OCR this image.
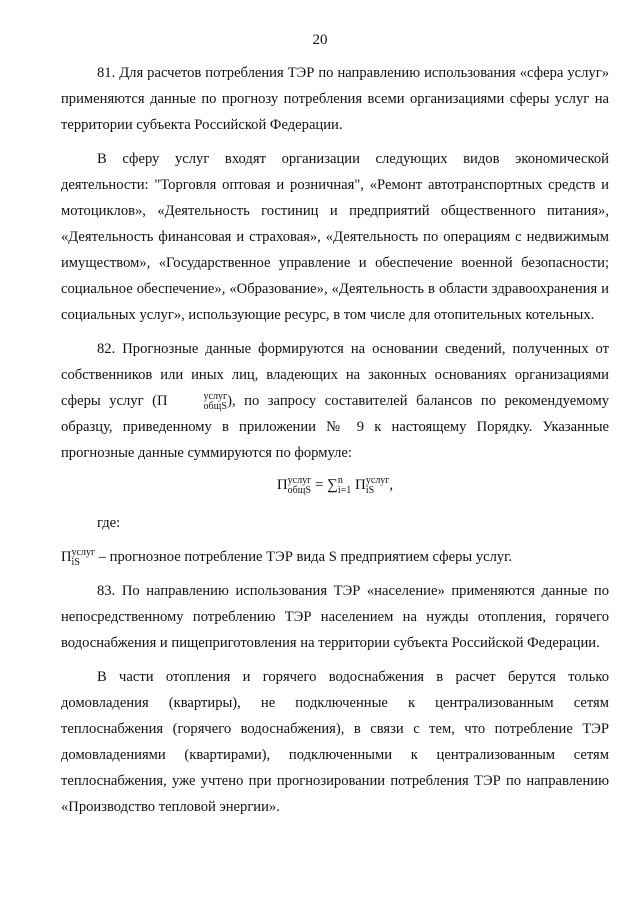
20

81. Для расчетов потребления ТЭР по направлению использования «сфера услуг» применяются данные по прогнозу потребления всеми организациями сферы услуг на территории субъекта Российской Федерации.

В сферу услуг входят организации следующих видов экономической деятельности: "Торговля оптовая и розничная", «Ремонт автотранспортных средств и мотоциклов», «Деятельность гостиниц и предприятий общественного питания», «Деятельность финансовая и страховая», «Деятельность по операциям с недвижимым имуществом», «Государственное управление и обеспечение военной безопасности; социальное обеспечение», «Образование», «Деятельность в области здравоохранения и социальных услуг», использующие ресурс, в том числе для отопительных котельных.

82. Прогнозные данные формируются на основании сведений, полученных от собственников или иных лиц, владеющих на законных основаниях организациями сферы услуг (П	услуг
общS ), по запросу составителей балансов по рекомендуемому образцу, приведенному в приложении № 9 к настоящему Порядку. Указанные прогнозные данные суммируются по формуле:

П услуг
общS = ∑ n
i=1 П услуг
iS	,

где:

П услуг
iS	– прогнозное потребление ТЭР вида S предприятием сферы услуг.

83. По направлению использования ТЭР «население» применяются данные по непосредственному потреблению ТЭР населением на нужды отопления, горячего водоснабжения и пищеприготовления на территории субъекта Российской Федерации.

В части отопления и горячего водоснабжения в расчет берутся только домовладения (квартиры), не подключенные к централизованным сетям теплоснабжения (горячего водоснабжения), в связи с тем, что потребление ТЭР домовладениями (квартирами), подключенными к централизованным сетям теплоснабжения, уже учтено при прогнозировании потребления ТЭР по направлению «Производство тепловой энергии».
